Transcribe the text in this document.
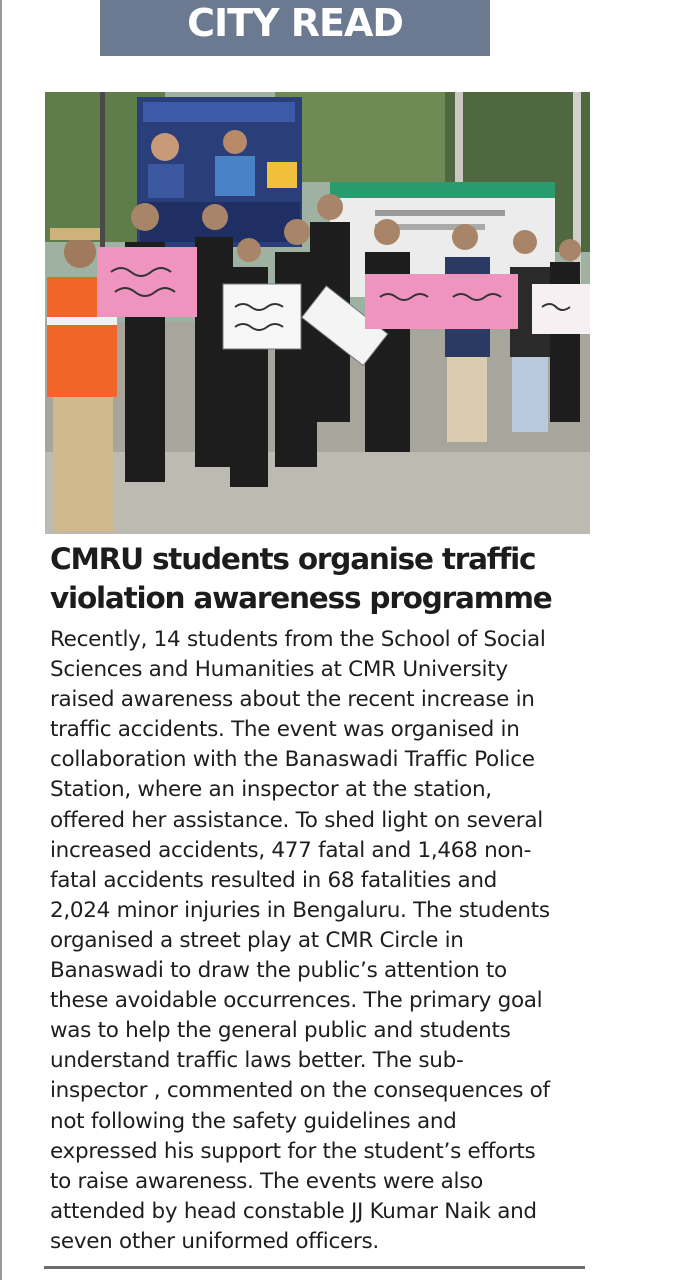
CITY READ
CMRU students organise traffic
violation awareness programme
Recently, 14 students from the School of Social
Sciences and Humanities at CMR University
raised awareness about the recent increase in
traffic accidents. The event was organised in
collaboration with the Banaswadi Traffic Police
Station, where an inspector at the station,
offered her assistance. To shed light on several
increased accidents, 477 fatal and 1,468 non-
fatal accidents resulted in 68 fatalities and
2,024 minor injuries in Bengaluru. The students
organised a street play at CMR Circle in
Banaswadi to draw the public’s attention to
these avoidable occurrences. The primary goal
was to help the general public and students
understand traffic laws better. The sub-
inspector , commented on the consequences of
not following the safety guidelines and
expressed his support for the student’s efforts
to raise awareness. The events were also
attended by head constable JJ Kumar Naik and
seven other uniformed officers.
